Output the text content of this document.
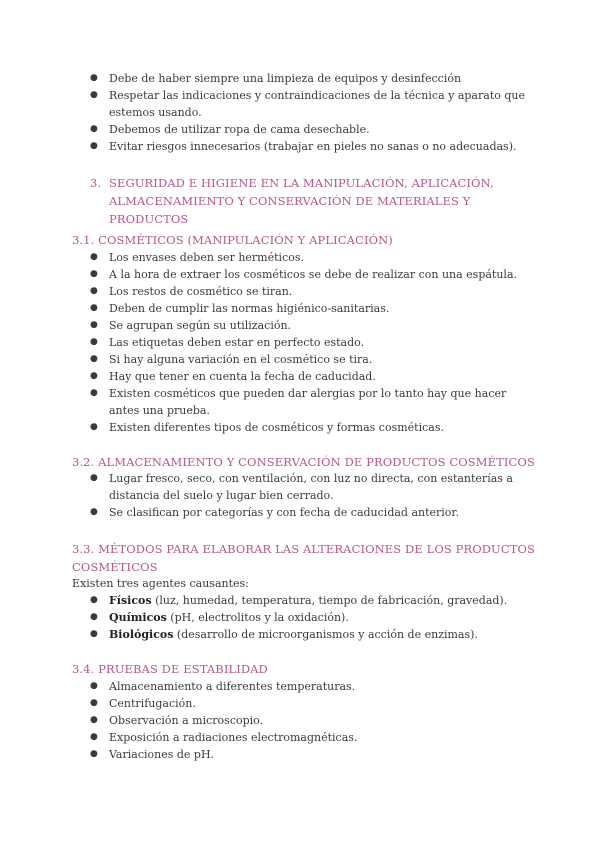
● Debe de haber siempre una limpieza de equipos y desinfección
● Respetar las indicaciones y contraindicaciones de la técnica y aparato que estemos usando.
● Debemos de utilizar ropa de cama desechable.
● Evitar riesgos innecesarios (trabajar en pieles no sanas o no adecuadas).
3. SEGURIDAD E HIGIENE EN LA MANIPULACIÓN, APLICACIÓN, ALMACENAMIENTO Y CONSERVACIÓN DE MATERIALES Y PRODUCTOS
3.1. COSMÉTICOS (MANIPULACIÓN Y APLICACIÓN)
● Los envases deben ser herméticos.
● A la hora de extraer los cosméticos se debe de realizar con una espátula.
● Los restos de cosmético se tiran.
● Deben de cumplir las normas higiénico-sanitarias.
● Se agrupan según su utilización.
● Las etiquetas deben estar en perfecto estado.
● Si hay alguna variación en el cosmético se tira.
● Hay que tener en cuenta la fecha de caducidad.
● Existen cosméticos que pueden dar alergias por lo tanto hay que hacer antes una prueba.
● Existen diferentes tipos de cosméticos y formas cosméticas.
3.2. ALMACENAMIENTO Y CONSERVACIÓN DE PRODUCTOS COSMÉTICOS
● Lugar fresco, seco, con ventilación, con luz no directa, con estanterías a distancia del suelo y lugar bien cerrado.
● Se clasifican por categorías y con fecha de caducidad anterior.
3.3. MÉTODOS PARA ELABORAR LAS ALTERACIONES DE LOS PRODUCTOS COSMÉTICOS
Existen tres agentes causantes:
● Físicos (luz, humedad, temperatura, tiempo de fabricación, gravedad).
● Químicos (pH, electrolitos y la oxidación).
● Biológicos (desarrollo de microorganismos y acción de enzimas).
3.4. PRUEBAS DE ESTABILIDAD
● Almacenamiento a diferentes temperaturas.
● Centrifugación.
● Observación a microscopio.
● Exposición a radiaciones electromagnéticas.
● Variaciones de pH.
